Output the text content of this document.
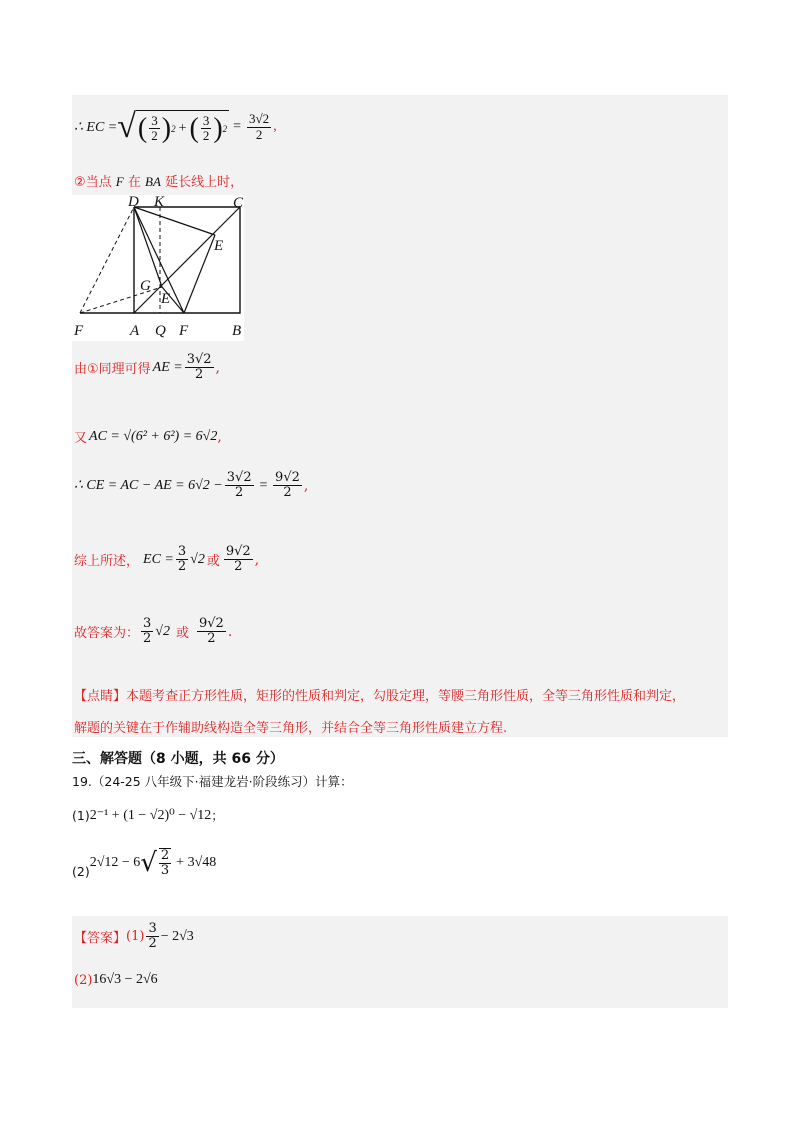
∴ EC = √ ( $\frac{3}{2}$ ) 2 + ( $\frac{3}{2}$ ) $2 = \frac{3√2}{2}$ ,
②当点 F 在 BA 延长线上时，
D K	C
E
G
E
F	A Q F	B
由①同理可得 AE = $\frac{3√2}{2}$ ,
又 AC = √(6² + 6²) = 6√2 ,
∴ CE = AC − AE = $6√2 - \frac{3√2}{2} = \frac{9√2}{2}$ ,
综上所述， EC = $\frac{3}{2} √2$ 或 $\frac{9√2}{2}$ ,
故答案为： $\frac{3}{2} √2$ 或 $\frac{9√2}{2}$ .
【点睛】本题考查正方形性质，矩形的性质和判定，勾股定理，等腰三角形性质，全等三角形性质和判定，
解题的关键在于作辅助线构造全等三角形，并结合全等三角形性质建立方程.
三、解答题（8 小题，共 66 分）
19.（24-25 八年级下·福建龙岩·阶段练习）计算：
(1) 2⁻¹ + (1 − √2)⁰ − √12 ；
(2)
2√12 − 6 √ $\frac{2}{3} + 3√48$
【答案】 $(1) \frac{3}{2} - 2√3$
(2) 16√3 − 2√6
